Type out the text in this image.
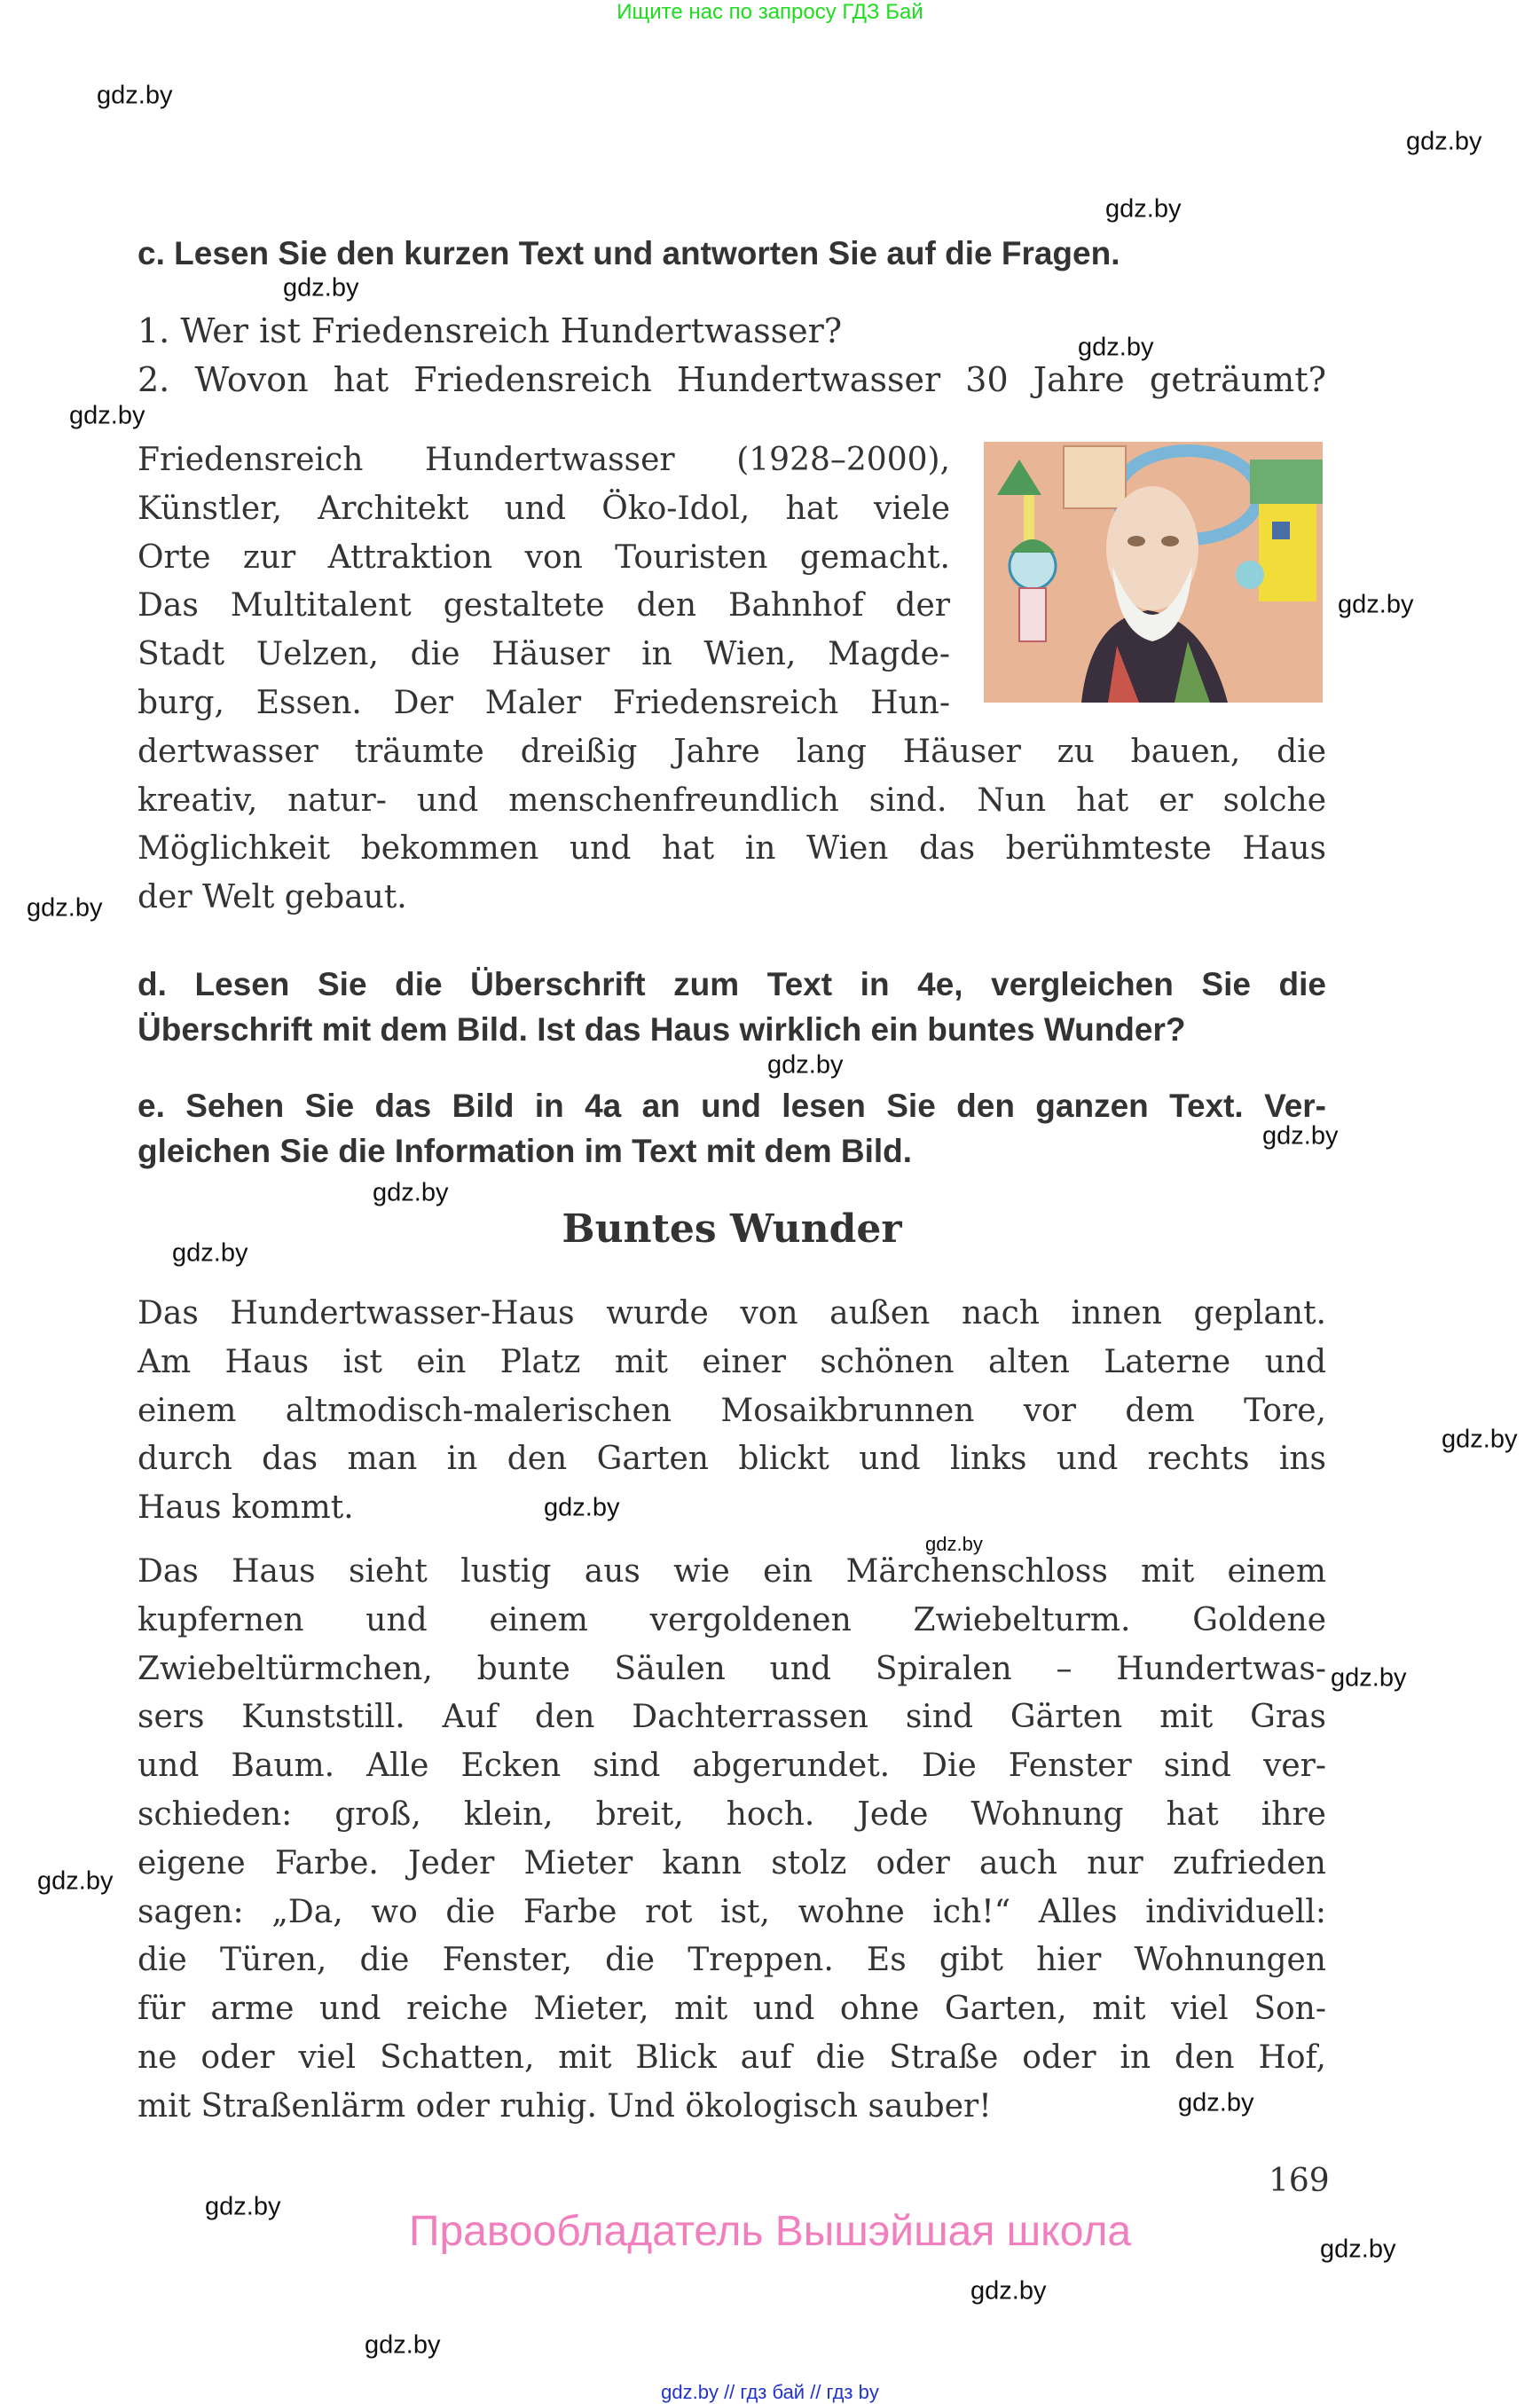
Ищите нас по запросу ГДЗ Бай
gdz.by
gdz.by
gdz.by
gdz.by
gdz.by
gdz.by
gdz.by
gdz.by
gdz.by
gdz.by
gdz.by
gdz.by
gdz.by
gdz.by
gdz.by
gdz.by
gdz.by
gdz.by
gdz.by
gdz.by
gdz.by
gdz.by
c. Lesen Sie den kurzen Text und antworten Sie auf die Fragen.
1. Wer ist Friedensreich Hundertwasser?
2. Wovon hat Friedensreich Hundertwasser 30 Jahre geträumt?
Friedensreich Hundertwasser (1928–2000),
Künstler, Architekt und Öko-Idol, hat viele
Orte zur Attraktion von Touristen gemacht.
Das Multitalent gestaltete den Bahnhof der
Stadt Uelzen, die Häuser in Wien, Magde-
burg, Essen. Der Maler Friedensreich Hun-
dertwasser träumte dreißig Jahre lang Häuser zu bauen, die
kreativ, natur- und menschenfreundlich sind. Nun hat er solche
Möglichkeit bekommen und hat in Wien das berühmteste Haus
der Welt gebaut.
d. Lesen Sie die Überschrift zum Text in 4e, vergleichen Sie die
Überschrift mit dem Bild. Ist das Haus wirklich ein buntes Wunder?
e. Sehen Sie das Bild in 4a an und lesen Sie den ganzen Text. Ver-
gleichen Sie die Information im Text mit dem Bild.
Buntes Wunder
Das Hundertwasser-Haus wurde von außen nach innen geplant.
Am Haus ist ein Platz mit einer schönen alten Laterne und
einem altmodisch-malerischen Mosaikbrunnen vor dem Tore,
durch das man in den Garten blickt und links und rechts ins
Haus kommt.
Das Haus sieht lustig aus wie ein Märchenschloss mit einem
kupfernen und einem vergoldenen Zwiebelturm. Goldene
Zwiebeltürmchen, bunte Säulen und Spiralen – Hundertwas-
sers Kunststill. Auf den Dachterrassen sind Gärten mit Gras
und Baum. Alle Ecken sind abgerundet. Die Fenster sind ver-
schieden: groß, klein, breit, hoch. Jede Wohnung hat ihre
eigene Farbe. Jeder Mieter kann stolz oder auch nur zufrieden
sagen: „Da, wo die Farbe rot ist, wohne ich!“ Alles individuell:
die Türen, die Fenster, die Treppen. Es gibt hier Wohnungen
für arme und reiche Mieter, mit und ohne Garten, mit viel Son-
ne oder viel Schatten, mit Blick auf die Straße oder in den Hof,
mit Straßenlärm oder ruhig. Und ökologisch sauber!
169
Правообладатель Вышэйшая школа
gdz.by // гдз бай // гдз by
